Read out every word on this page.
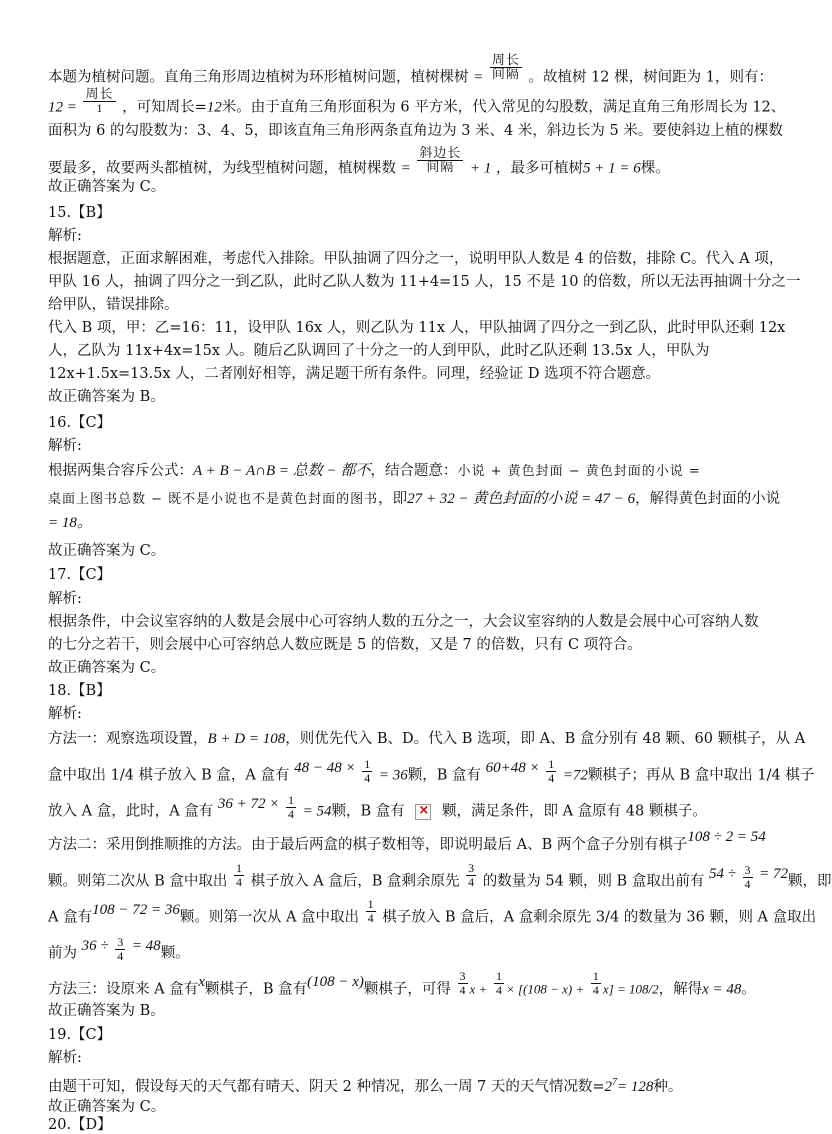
本题为植树问题。直角三角形周边植树为环形植树问题，植树棵树 = $\frac{\text{周长}}{\text{间隔}}$ 。故植树 12 棵，树间距为 1，则有：
$12 = \frac{\text{周长}}{1}$ ，可知周长=12米。由于直角三角形面积为 6 平方米，代入常见的勾股数，满足直角三角形周长为 12、
面积为 6 的勾股数为：3、4、5，即该直角三角形两条直角边为 3 米、4 米，斜边长为 5 米。要使斜边上植的棵数
要最多，故要两头都植树，为线型植树问题，植树棵数 = $\frac{\text{斜边长}}{\text{间隔}} + 1$ ，最多可植树5 + 1 = 6棵。
故正确答案为 C。
15.【B】
解析:
根据题意，正面求解困难，考虑代入排除。甲队抽调了四分之一，说明甲队人数是 4 的倍数，排除 C。代入 A 项，
甲队 16 人，抽调了四分之一到乙队，此时乙队人数为 11+4=15 人，15 不是 10 的倍数，所以无法再抽调十分之一
给甲队，错误排除。
代入 B 项，甲：乙=16：11，设甲队 16x 人，则乙队为 11x 人，甲队抽调了四分之一到乙队，此时甲队还剩 12x
人，乙队为 11x+4x=15x 人。随后乙队调回了十分之一的人到甲队，此时乙队还剩 13.5x 人，甲队为
12x+1.5x=13.5x 人，二者刚好相等，满足题干所有条件。同理，经验证 D 选项不符合题意。
故正确答案为 B。
16.【C】
解析:
根据两集合容斥公式：A + B − A∩B = 总数 − 都不，结合题意：小说 + 黄色封面 − 黄色封面的小说 =
桌面上图书总数 − 既不是小说也不是黄色封面的图书，即27 + 32 − 黄色封面的小说 = 47 − 6，解得黄色封面的小说
= 18。
故正确答案为 C。
17.【C】
解析:
根据条件，中会议室容纳的人数是会展中心可容纳人数的五分之一，大会议室容纳的人数是会展中心可容纳人数
的七分之若干，则会展中心可容纳总人数应既是 5 的倍数，又是 7 的倍数，只有 C 项符合。
故正确答案为 C。
18.【B】
解析:
方法一：观察选项设置，B + D = 108，则优先代入 B、D。代入 B 选项，即 A、B 盒分别有 48 颗、60 颗棋子，从 A
盒中取出 1/4 棋子放入 B 盒，A 盒有 $48 - 48 \times \frac{1}{4} = 36$颗，B 盒有 $60+48 \times \frac{1}{4} =72$颗棋子；再从 B 盒中取出 1/4 棋子
放入 A 盒，此时，A 盒有 $36 + 72 \times \frac{1}{4} = 54$颗，B 盒有 ×	颗，满足条件，即 A 盒原有 48 颗棋子。
方法二：采用倒推顺推的方法。由于最后两盒的棋子数相等，即说明最后 A、B 两个盒子分别有棋子108 ÷ 2 = 54
颗。则第二次从 B 盒中取出 $\frac{1}{4}$ 棋子放入 A 盒后，B 盒剩余原先 $\frac{3}{4}$ 的数量为 54 颗，则 B 盒取出前有 $54 \div \frac{3}{4} = 72$颗，即
A 盒有108 − 72 = 36颗。则第一次从 A 盒中取出 $\frac{1}{4}$ 棋子放入 B 盒后，A 盒剩余原先 3/4 的数量为 36 颗，则 A 盒取出
前为 $36 \div \frac{3}{4} = 48$颗。
方法三：设原来 A 盒有x颗棋子，B 盒有(108 − x)颗棋子，可得 $\frac{3}{4}$ $x + \frac{1}{4} \times [(108 - x) + \frac{1}{4} x] = 108/2$，解得x = 48。
故正确答案为 B。
19.【C】
解析:
由题干可知，假设每天的天气都有晴天、阴天 2 种情况，那么一周 7 天的天气情况数$=2^7= 128$种。
故正确答案为 C。
20.【D】
